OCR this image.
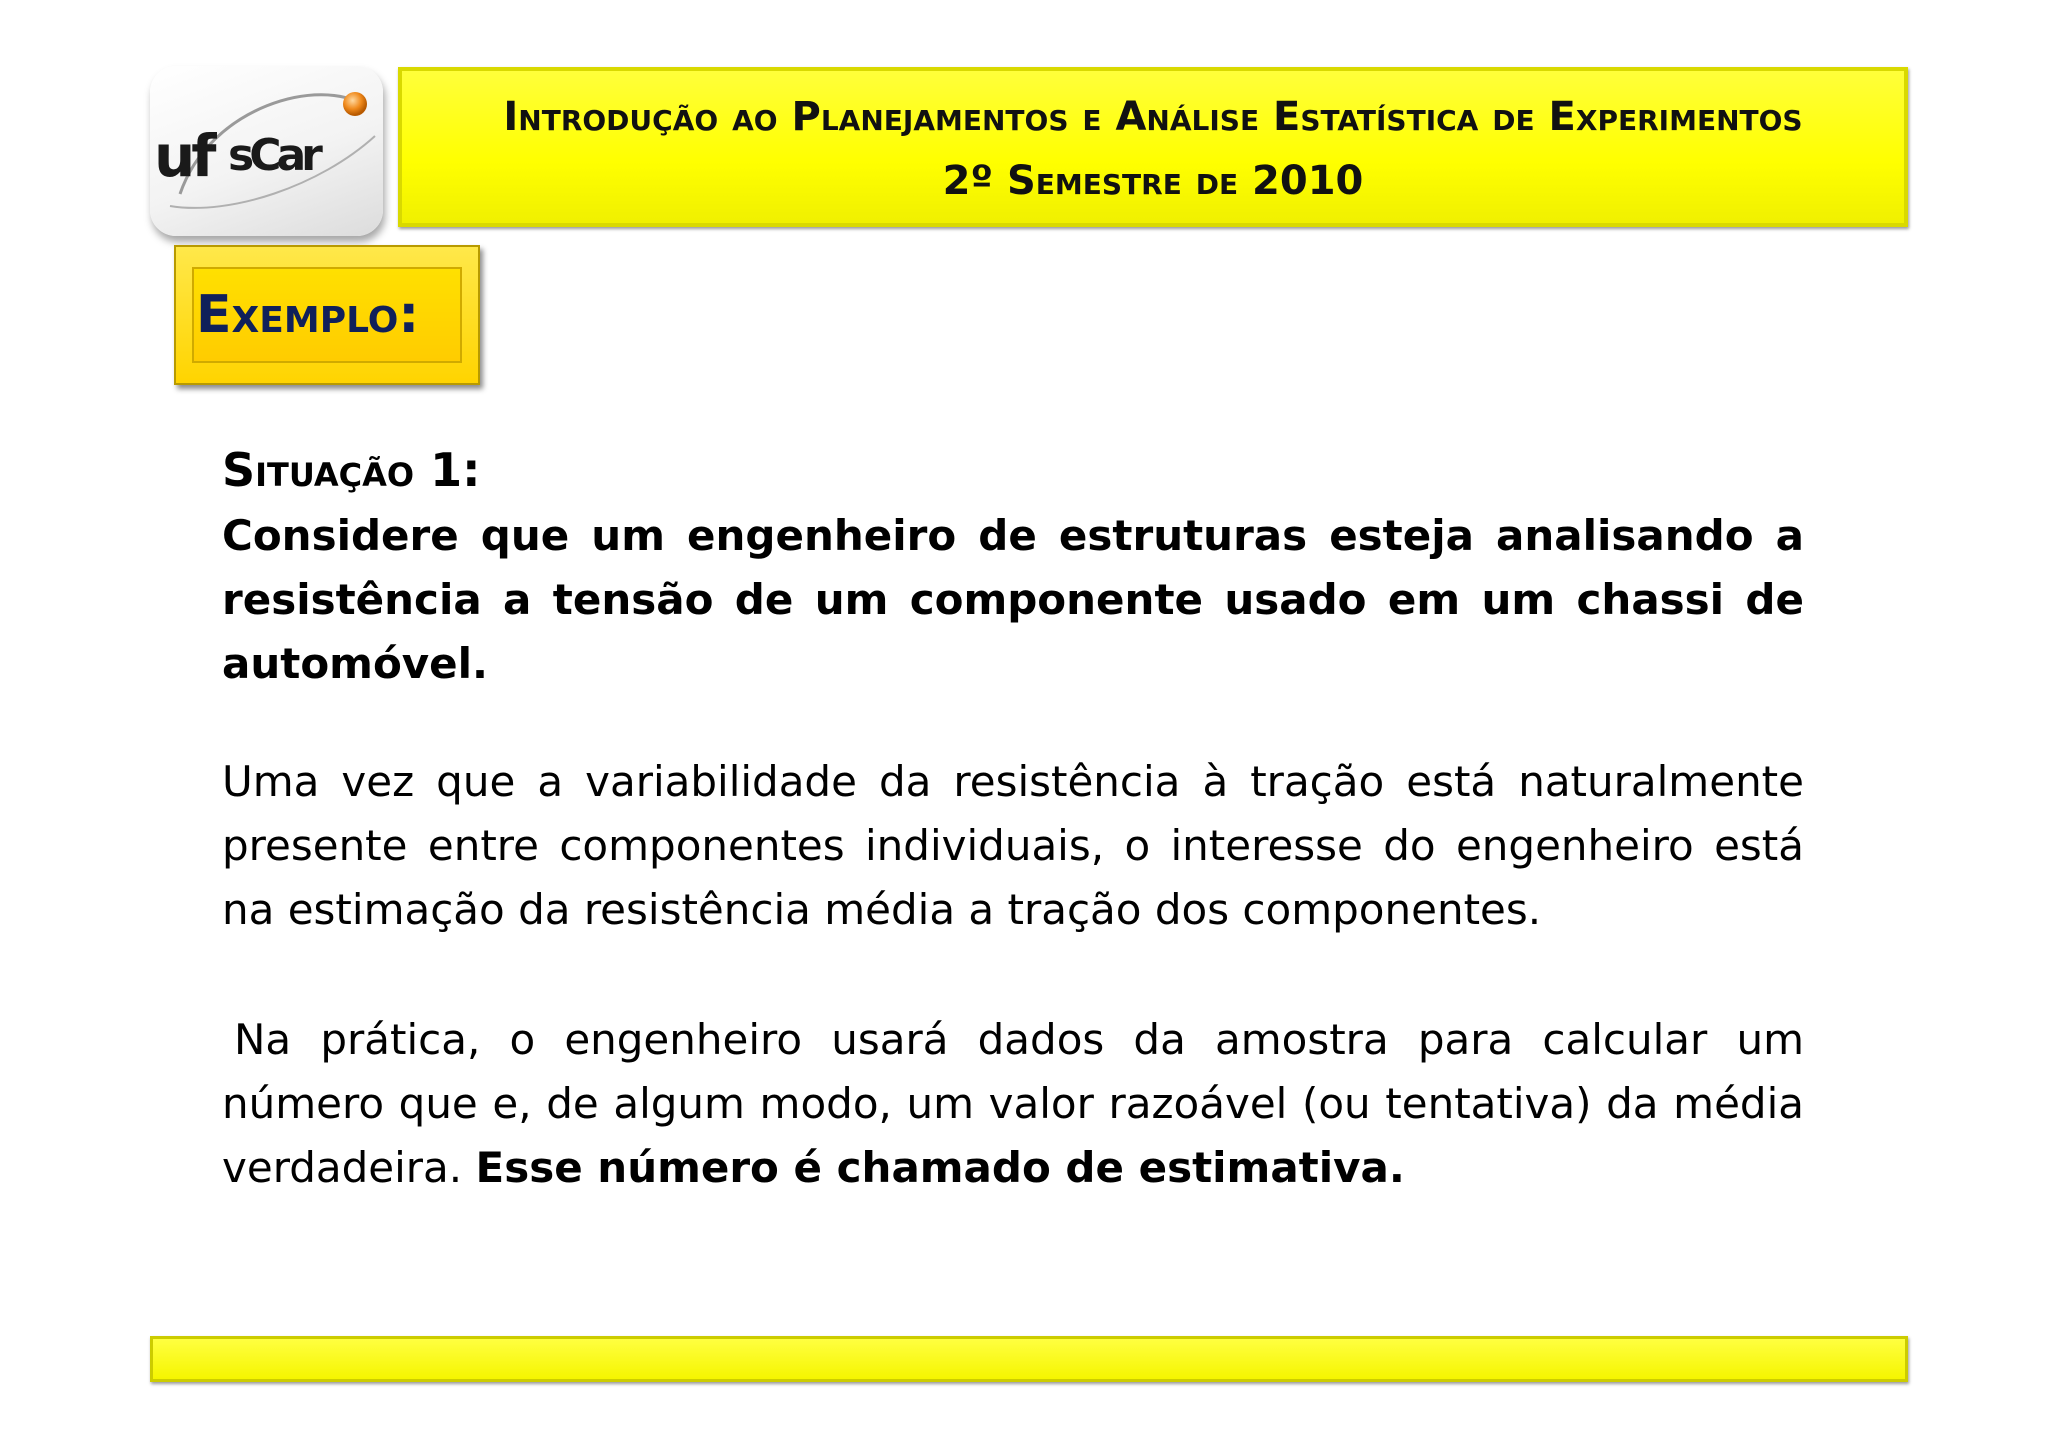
uf sCar
Introdução ao Planejamentos e Análise Estatística de Experimentos
2º Semestre de 2010
Exemplo:
Situação 1:
Considere que um engenheiro de estruturas esteja analisando a resistência a tensão de um componente usado em um chassi de automóvel.
Uma vez que a variabilidade da resistência à tração está naturalmente presente entre componentes individuais, o interesse do engenheiro está na estimação da resistência média a tração dos componentes.
Na prática, o engenheiro usará dados da amostra para calcular um número que e, de algum modo, um valor razoável (ou tentativa) da média verdadeira. Esse número é chamado de estimativa.
